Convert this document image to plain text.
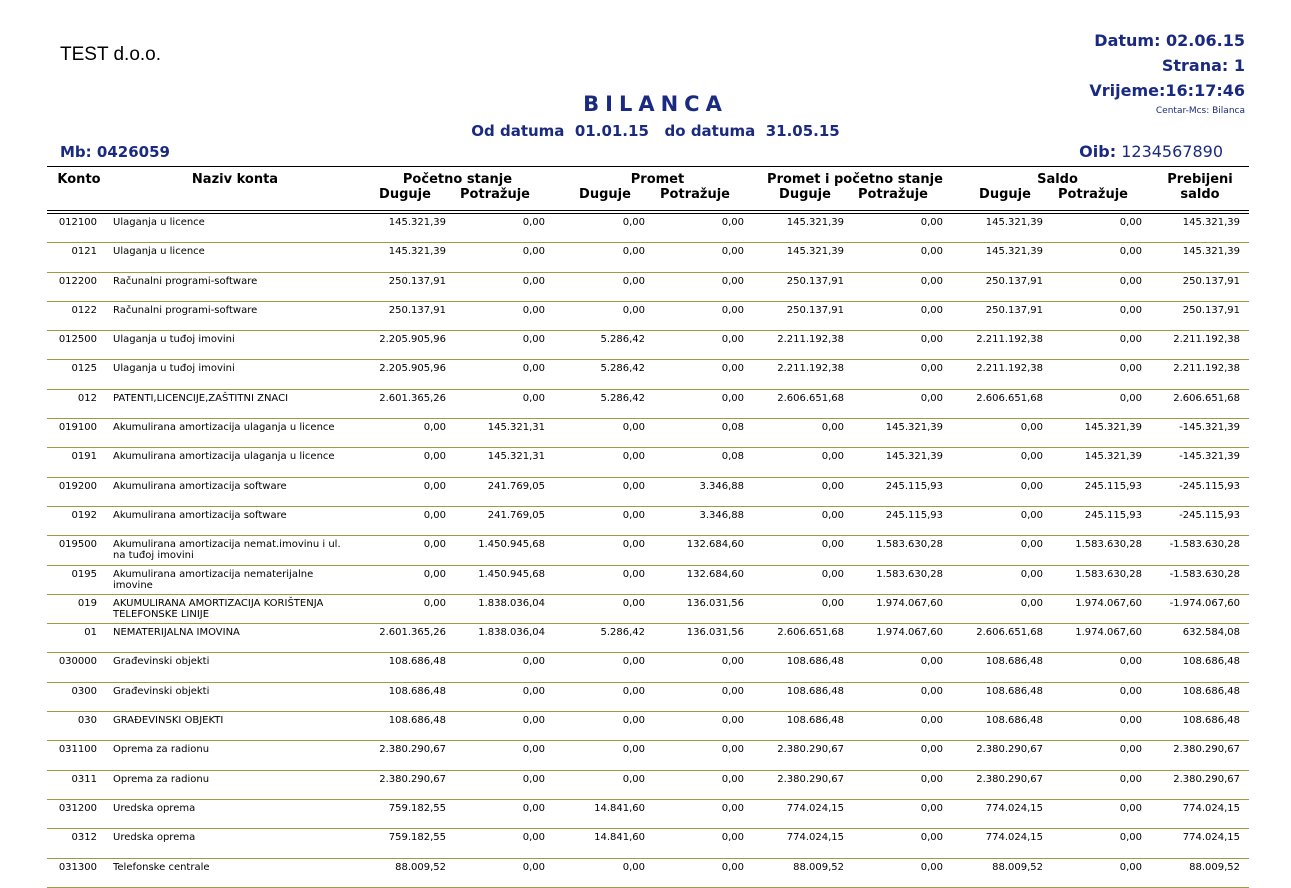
TEST d.o.o.
Datum: 02.06.15
Strana: 1
Vrijeme:16:17:46
Centar-Mcs: Bilanca
BILANCA
Od datuma  01.01.15   do datuma  31.05.15
Mb: 0426059	Oib: 1234567890
Konto	Naziv konta	Početno stanje	Promet	Promet i početno stanje	Saldo	Prebijeni
Duguje	Potražuje	Duguje	Potražuje	Duguje	Potražuje	Duguje	Potražuje	saldo
012100 Ulaganja u licence	145.321,39	0,00	0,00	0,00	145.321,39	0,00	145.321,39	0,00	145.321,39
0121 Ulaganja u licence	145.321,39	0,00	0,00	0,00	145.321,39	0,00	145.321,39	0,00	145.321,39
012200 Računalni programi-software	250.137,91	0,00	0,00	0,00	250.137,91	0,00	250.137,91	0,00	250.137,91
0122 Računalni programi-software	250.137,91	0,00	0,00	0,00	250.137,91	0,00	250.137,91	0,00	250.137,91
012500 Ulaganja u tuđoj imovini	2.205.905,96	0,00	5.286,42	0,00	2.211.192,38	0,00	2.211.192,38	0,00	2.211.192,38
0125 Ulaganja u tuđoj imovini	2.205.905,96	0,00	5.286,42	0,00	2.211.192,38	0,00	2.211.192,38	0,00	2.211.192,38
012 PATENTI,LICENCIJE,ZAŠTITNI ZNACI	2.601.365,26	0,00	5.286,42	0,00	2.606.651,68	0,00	2.606.651,68	0,00	2.606.651,68
019100 Akumulirana amortizacija ulaganja u licence	0,00	145.321,31	0,00	0,08	0,00	145.321,39	0,00	145.321,39	-145.321,39
0191 Akumulirana amortizacija ulaganja u licence	0,00	145.321,31	0,00	0,08	0,00	145.321,39	0,00	145.321,39	-145.321,39
019200 Akumulirana amortizacija software	0,00	241.769,05	0,00	3.346,88	0,00	245.115,93	0,00	245.115,93	-245.115,93
0192 Akumulirana amortizacija software	0,00	241.769,05	0,00	3.346,88	0,00	245.115,93	0,00	245.115,93	-245.115,93
019500 Akumulirana amortizacija nemat.imovinu i ul. na tuđoj imovini
0,00	1.450.945,68	0,00	132.684,60	0,00	1.583.630,28	0,00	1.583.630,28	-1.583.630,28
0195 Akumulirana amortizacija nematerijalne imovine
0,00	1.450.945,68	0,00	132.684,60	0,00	1.583.630,28	0,00	1.583.630,28	-1.583.630,28
019 AKUMULIRANA AMORTIZACIJA KORIŠTENJA TELEFONSKE LINIJE
0,00	1.838.036,04	0,00	136.031,56	0,00	1.974.067,60	0,00	1.974.067,60	-1.974.067,60
01 NEMATERIJALNA IMOVINA	2.601.365,26	1.838.036,04	5.286,42	136.031,56	2.606.651,68	1.974.067,60	2.606.651,68	1.974.067,60	632.584,08
030000 Građevinski objekti	108.686,48	0,00	0,00	0,00	108.686,48	0,00	108.686,48	0,00	108.686,48
0300 Građevinski objekti	108.686,48	0,00	0,00	0,00	108.686,48	0,00	108.686,48	0,00	108.686,48
030 GRAĐEVINSKI OBJEKTI	108.686,48	0,00	0,00	0,00	108.686,48	0,00	108.686,48	0,00	108.686,48
031100 Oprema za radionu	2.380.290,67	0,00	0,00	0,00	2.380.290,67	0,00	2.380.290,67	0,00	2.380.290,67
0311 Oprema za radionu	2.380.290,67	0,00	0,00	0,00	2.380.290,67	0,00	2.380.290,67	0,00	2.380.290,67
031200 Uredska oprema	759.182,55	0,00	14.841,60	0,00	774.024,15	0,00	774.024,15	0,00	774.024,15
0312 Uredska oprema	759.182,55	0,00	14.841,60	0,00	774.024,15	0,00	774.024,15	0,00	774.024,15
031300 Telefonske centrale	88.009,52	0,00	0,00	0,00	88.009,52	0,00	88.009,52	0,00	88.009,52
